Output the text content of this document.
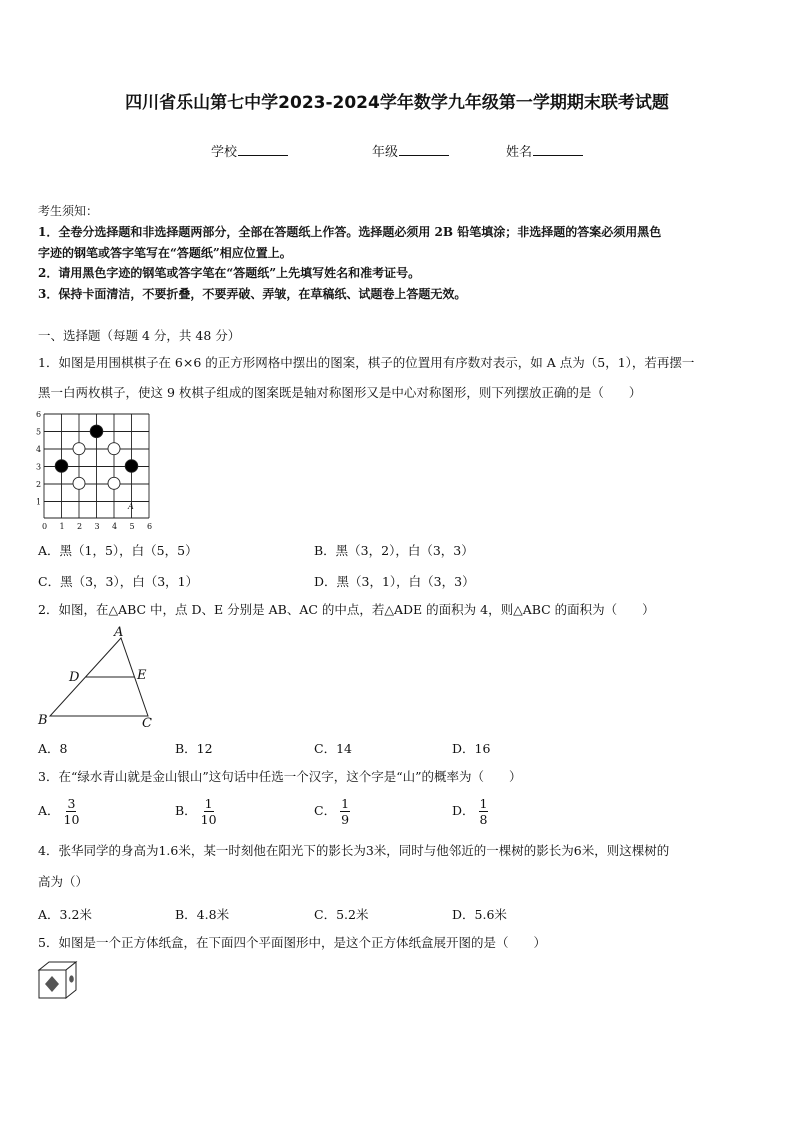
四川省乐山第七中学2023-2024学年数学九年级第一学期期末联考试题
学校	年级	姓名
考生须知：
1．全卷分选择题和非选择题两部分，全部在答题纸上作答。选择题必须用 2B 铅笔填涂；非选择题的答案必须用黑色
字迹的钢笔或答字笔写在“答题纸”相应位置上。
2．请用黑色字迹的钢笔或答字笔在“答题纸”上先填写姓名和准考证号。
3．保持卡面清洁，不要折叠，不要弄破、弄皱，在草稿纸、试题卷上答题无效。
一、选择题（每题 4 分，共 48 分）
1．如图是用围棋棋子在 6×6 的正方形网格中摆出的图案，棋子的位置用有序数对表示，如 A 点为（5，1），若再摆一
黑一白两枚棋子，使这 9 枚棋子组成的图案既是轴对称图形又是中心对称图形，则下列摆放正确的是（　　）
0 1 2 3 4 5 6
1
2
3
4
5
6
A
A．黑（1，5），白（5，5）	B．黑（3，2），白（3，3）
C．黑（3，3），白（3，1）	D．黑（3，1），白（3，3）
2．如图，在△ABC 中，点 D、E 分别是 AB、AC 的中点，若△ADE 的面积为 4，则△ABC 的面积为（　　）
A
B	C
D	E
A．8	B．12	C．14	D．16
3．在“绿水青山就是金山银山”这句话中任选一个汉字，这个字是“山”的概率为（　　）
A． $\frac{3}{10}$	B． $\frac{1}{10}$	C． $\frac{1}{9}$	D． $\frac{1}{8}$
4．张华同学的身高为1.6米，某一时刻他在阳光下的影长为3米，同时与他邻近的一棵树的影长为6米，则这棵树的
高为（）
A．3.2米	B．4.8米	C．5.2米	D．5.6米
5．如图是一个正方体纸盒，在下面四个平面图形中，是这个正方体纸盒展开图的是（　　）
